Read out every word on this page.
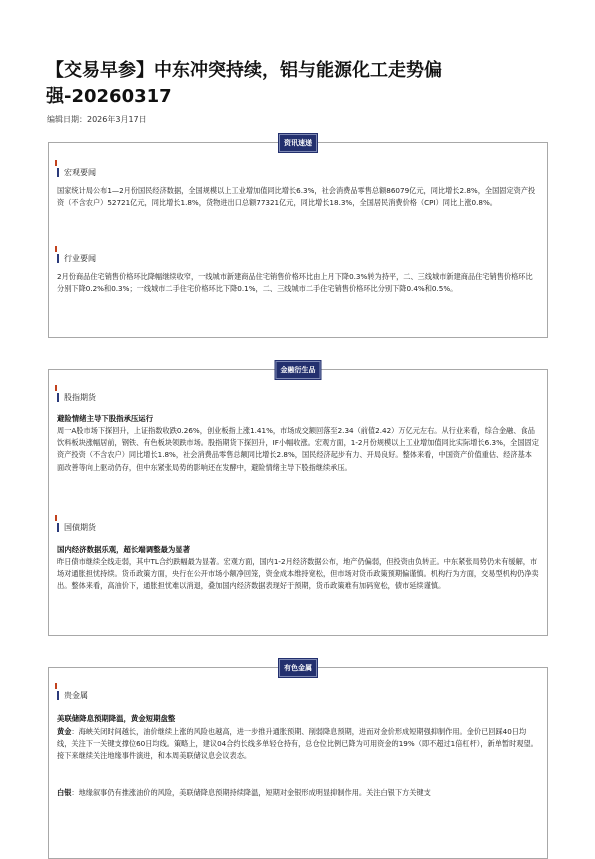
【交易早参】中东冲突持续，铝与能源化工走势偏强-20260317
编辑日期：2026年3月17日
资讯速递
宏观要闻

国家统计局公布1—2月份国民经济数据，全国规模以上工业增加值同比增长6.3%，社会消费品零售总额86079亿元，同比增长2.8%，全国固定资产投资（不含农户）52721亿元，同比增长1.8%，货物进出口总额77321亿元，同比增长18.3%，全国居民消费价格（CPI）同比上涨0.8%。

行业要闻

2月份商品住宅销售价格环比降幅继续收窄，一线城市新建商品住宅销售价格环比由上月下降0.3%转为持平，二、三线城市新建商品住宅销售价格环比分别下降0.2%和0.3%；一线城市二手住宅价格环比下降0.1%，二、三线城市二手住宅销售价格环比分别下降0.4%和0.5%。

金融衍生品
股指期货
避险情绪主导下股指承压运行

周一A股市场下探回升，上证指数收跌0.26%，创业板指上涨1.41%，市场成交额回落至2.34（前值2.42）万亿元左右。从行业来看，综合金融、食品饮料板块涨幅居前，钢铁、有色板块领跌市场。股指期货下探回升，IF小幅收涨。宏观方面，1-2月份规模以上工业增加值同比实际增长6.3%，全国固定资产投资（不含农户）同比增长1.8%，社会消费品零售总额同比增长2.8%，国民经济起步有力、开局良好。整体来看，中国资产价值重估、经济基本面改善等向上驱动仍存，但中东紧张局势的影响还在发酵中，避险情绪主导下股指继续承压。

国债期货
国内经济数据乐观，超长端调整最为显著

昨日债市继续全线走弱，其中TL合约跌幅最为显著。宏观方面，国内1-2月经济数据公布，地产仍偏弱，但投资由负转正。中东紧张局势仍未有缓解，市场对通胀担忧持续。货币政策方面，央行在公开市场小额净回笼，资金成本维持宽松，但市场对货币政策预期偏谨慎。机构行为方面，交易型机构仍净卖出。整体来看，高油价下，通胀担忧难以消退，叠加国内经济数据表现好于预期，货币政策难有加码宽松，债市延续谨慎。

有色金属
贵金属
美联储降息预期降温，黄金短期盘整

黄金：海峡关闭时间越长，油价继续上涨的风险也越高，进一步推升通胀预期、削弱降息预期，进而对金价形成短期强抑制作用。金价已回踩40日均线，关注下一关键支撑位60日均线。策略上，建议04合约长线多单轻仓持有，总仓位比例已降为可用资金的19%（即不超过1倍杠杆），新单暂时观望。接下来继续关注地缘事件演进，和本周美联储议息会议表态。

白银：地缘叙事仍有推涨油价的风险，美联储降息预期持续降温，短期对金银形成明显抑制作用。关注白银下方关键支
